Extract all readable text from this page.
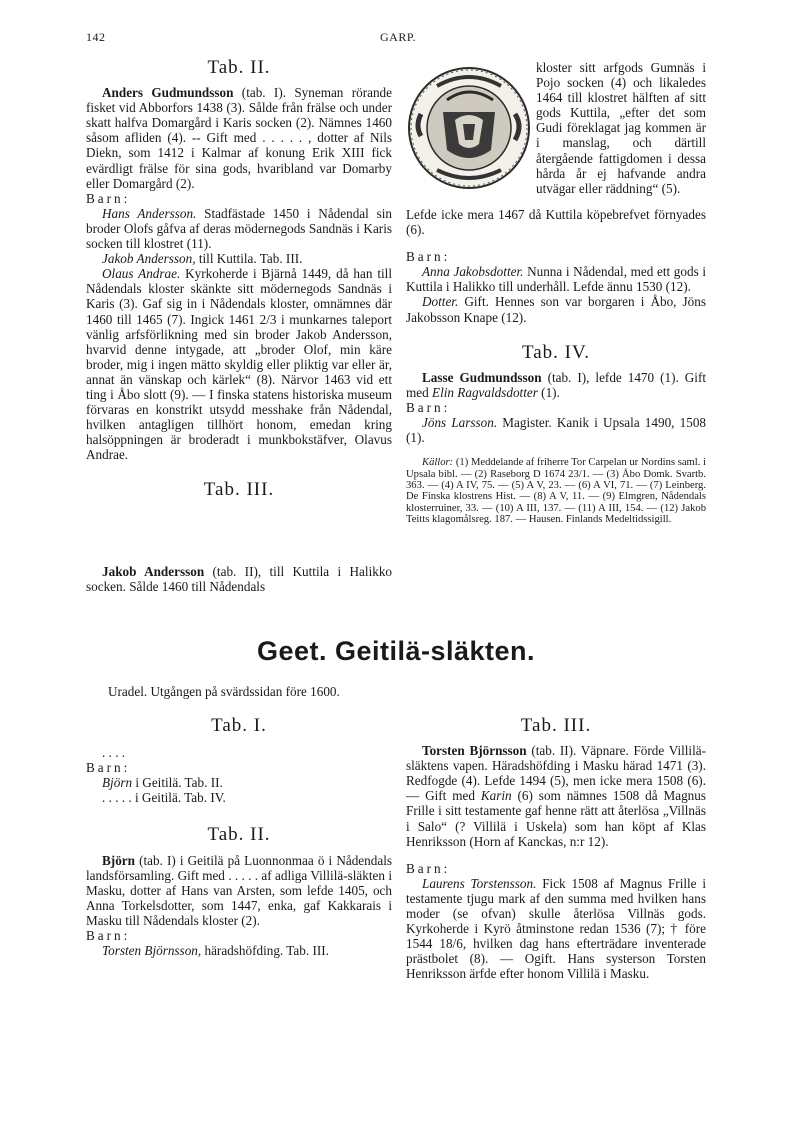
142	GARP.
Tab. II.

Anders Gudmundsson (tab. I). Syneman rörande fisket vid Abborfors 1438 (3). Sålde från frälse och under skatt halfva Domargård i Karis socken (2). Nämnes 1460 såsom afliden (4). -- Gift med . . . . . , dotter af Nils Diekn, som 1412 i Kalmar af konung Erik XIII fick evärdligt frälse för sina gods, hvaribland var Domarby eller Domargård (2).

Barn:

Hans Andersson. Stadfästade 1450 i Nådendal sin broder Olofs gåfva af deras mödernegods Sandnäs i Karis socken till klostret (11).

Jakob Andersson, till Kuttila. Tab. III.

Olaus Andrae. Kyrkoherde i Bjärnå 1449, då han till Nådendals kloster skänkte sitt mödernegods Sandnäs i Karis (3). Gaf sig in i Nådendals kloster, omnämnes där 1460 till 1465 (7). Ingick 1461 2/3 i munkarnes taleport vänlig arfsförlikning med sin broder Jakob Andersson, hvarvid denne intygade, att „broder Olof, min käre broder, mig i ingen mätto skyldig eller pliktig var eller är, annat än vänskap och kärlek“ (8). Närvor 1463 vid ett ting i Åbo slott (9). — I finska statens historiska museum förvaras en konstrikt utsydd messhake från Nådendal, hvilken antagligen tillhört honom, emedan kring halsöppningen är broderadt i munkbokstäfver, Olavus Andrae.

Tab. III.

Jakob Andersson (tab. II), till Kuttila i Halikko socken. Sålde 1460 till Nådendals

kloster sitt arfgods Gumnäs i Pojo socken (4) och likaledes 1464 till klostret hälften af sitt gods Kuttila, „efter det som Gudi föreklagat jag kommen är i manslag, och därtill återgående fattigdomen i dessa hårda år ej hafvande andra utvägar eller räddning“ (5).

Lefde icke mera 1467 då Kuttila köpebrefvet förnyades (6).

Barn:

Anna Jakobsdotter. Nunna i Nådendal, med ett gods i Kuttila i Halikko till underhåll. Lefde ännu 1530 (12).

Dotter. Gift. Hennes son var borgaren i Åbo, Jöns Jakobsson Knape (12).

Tab. IV.

Lasse Gudmundsson (tab. I), lefde 1470 (1). Gift med Elin Ragvaldsdotter (1).

Barn:

Jöns Larsson. Magister. Kanik i Upsala 1490, 1508 (1).

Källor: (1) Meddelande af friherre Tor Carpelan ur Nordins saml. i Upsala bibl. — (2) Raseborg D 1674 23/1. — (3) Åbo Domk. Svartb. 363. — (4) A IV, 75. — (5) A V, 23. — (6) A VI, 71. — (7) Leinberg. De Finska klostrens Hist. — (8) A V, 11. — (9) Elmgren, Nådendals klosterruiner, 33. — (10) A III, 137. — (11) A III, 154. — (12) Jakob Teitts klagomålsreg. 187. — Hausen. Finlands Medeltidssigill.

Geet. Geitilä-släkten.
Uradel. Utgången på svärdssidan före 1600.
Tab. I.

. . . .

Barn:

Björn i Geitilä. Tab. II.

. . . . . i Geitilä. Tab. IV.

Tab. II.

Björn (tab. I) i Geitilä på Luonnonmaa ö i Nådendals landsförsamling. Gift med . . . . . af adliga Villilä-släkten i Masku, dotter af Hans van Arsten, som lefde 1405, och Anna Torkelsdotter, som 1447, enka, gaf Kakkarais i Masku till Nådendals kloster (2).

Barn:

Torsten Björnsson, häradshöfding. Tab. III.

Tab. III.

Torsten Björnsson (tab. II). Väpnare. Förde Villilä-släktens vapen. Häradshöfding i Masku härad 1471 (3). Redfogde (4). Lefde 1494 (5), men icke mera 1508 (6). — Gift med Karin (6) som nämnes 1508 då Magnus Frille i sitt testamente gaf henne rätt att återlösa „Villnäs i Salo“ (? Villilä i Uskela) som han köpt af Klas Henriksson (Horn af Kanckas, n:r 12).

Barn:

Laurens Torstensson. Fick 1508 af Magnus Frille i testamente tjugu mark af den summa med hvilken hans moder (se ofvan) skulle återlösa Villnäs gods. Kyrkoherde i Kyrö åtminstone redan 1536 (7); † före 1544 18/6, hvilken dag hans efterträdare inventerade prästbolet (8). — Ogift. Hans systerson Torsten Henriksson ärfde efter honom Villilä i Masku.
